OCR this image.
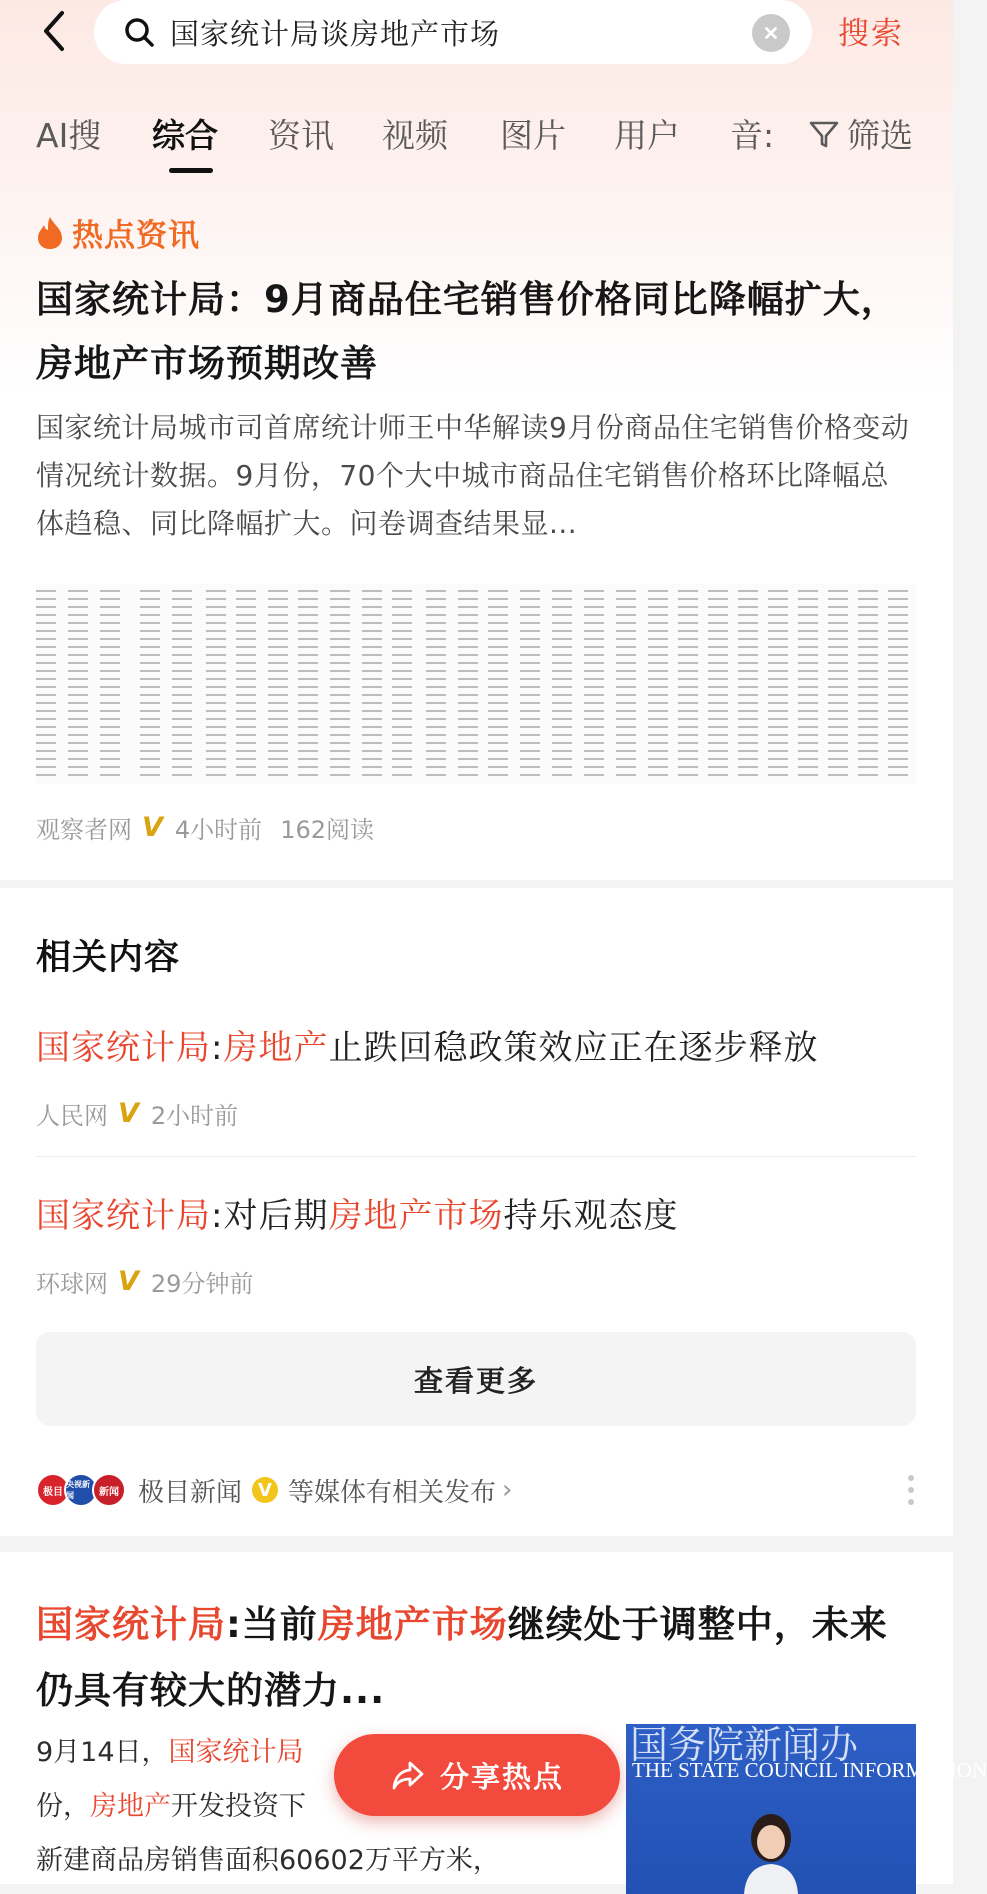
国家统计局谈房地产市场	搜索
AI搜 综合 资讯 视频 图片 用户 音: 筛选
热点资讯
国家统计局：9月商品住宅销售价格同比降幅扩大，房地产市场预期改善
国家统计局城市司首席统计师王中华解读9月份商品住宅销售价格变动情况统计数据。9月份，70个大中城市商品住宅销售价格环比降幅总体趋稳、同比降幅扩大。问卷调查结果显...
观察者网 V 4小时前 162阅读
相关内容
国家统计局:房地产止跌回稳政策效应正在逐步释放
人民网 V 2小时前
国家统计局:对后期房地产市场持乐观态度
环球网 V 29分钟前
查看更多
极目
央视新闻	新闻 极目新闻 V 等媒体有相关发布 ›
国家统计局:当前房地产市场继续处于调整中，未来仍具有较大的潜力...
9月14日，国家统计局
份，房地产开发投资下
新建商品房销售面积60602万平方米，
国务院新闻办
THE STATE COUNCIL INFORMATION
分享热点
